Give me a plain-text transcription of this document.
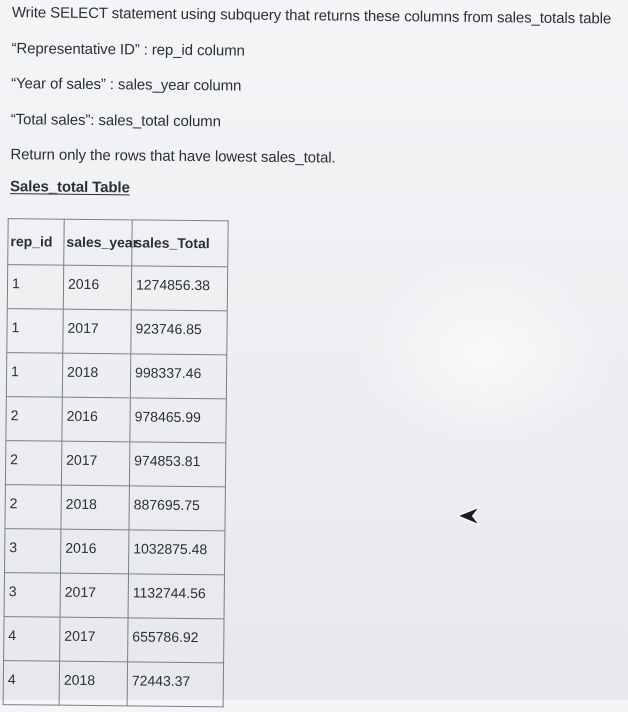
Write SELECT statement using subquery that returns these columns from sales_totals table
“Representative ID” : rep_id column
“Year of sales” : sales_year column
“Total sales”: sales_total column
Return only the rows that have lowest sales_total.
Sales_total Table
rep_id	sales_year	sales_Total
1	2016	1274856.38
1	2017	923746.85
1	2018	998337.46
2	2016	978465.99
2	2017	974853.81
2	2018	887695.75
3	2016	1032875.48
3	2017	1132744.56
4	2017	655786.92
4	2018	72443.37
